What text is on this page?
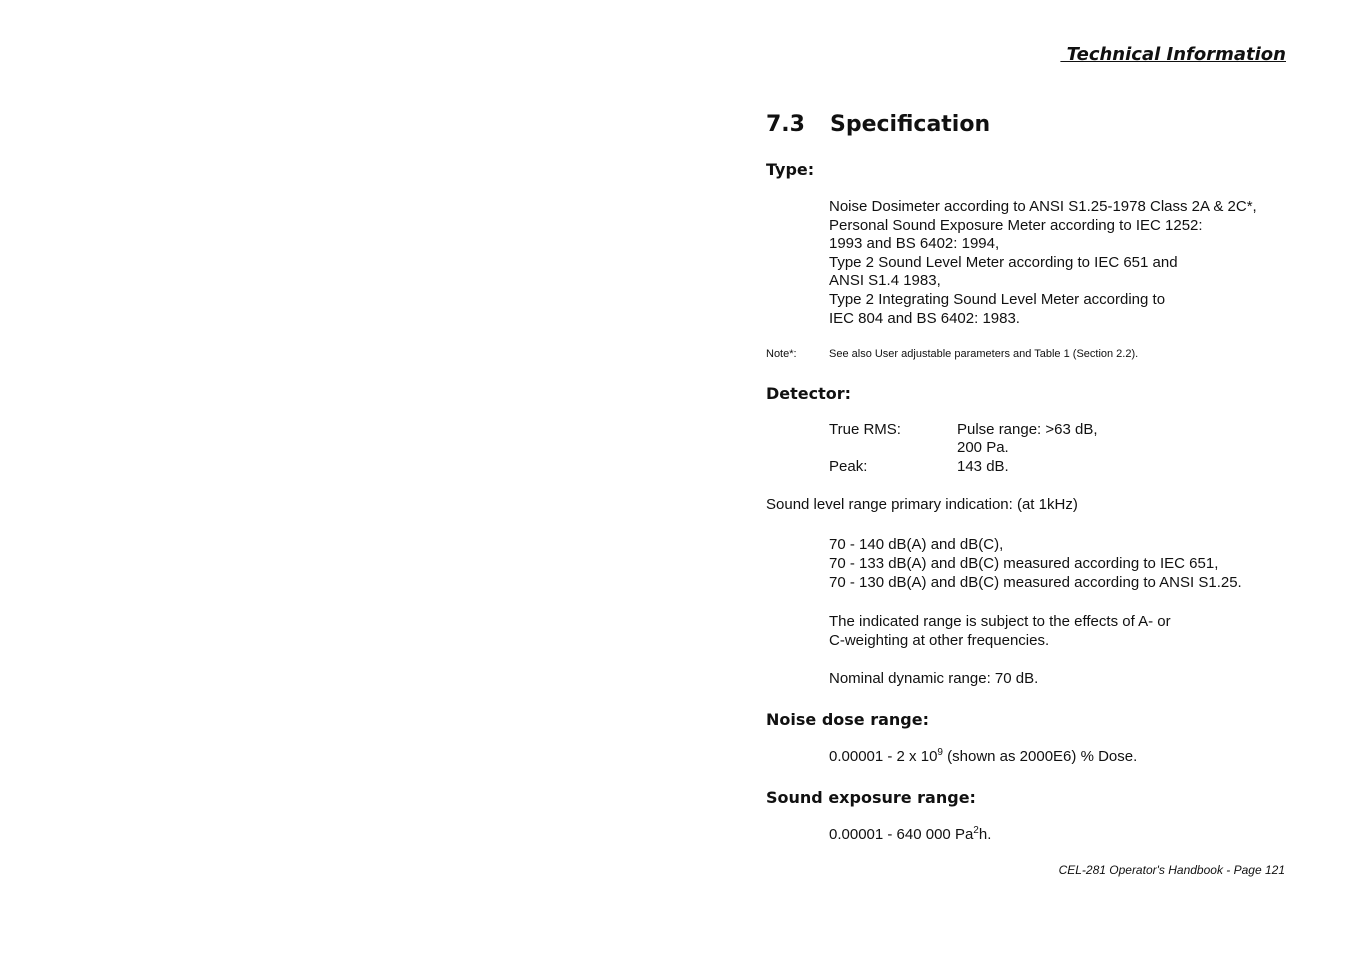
Technical Information
7.3 Specification
Type:
Noise Dosimeter according to ANSI S1.25-1978 Class 2A & 2C*,
Personal Sound Exposure Meter according to IEC 1252:
1993 and BS 6402: 1994,
Type 2 Sound Level Meter according to IEC 651 and
ANSI S1.4 1983,
Type 2 Integrating Sound Level Meter according to
IEC 804 and BS 6402: 1983.
Note*:	See also User adjustable parameters and Table 1 (Section 2.2).
Detector:
True RMS:	Pulse range: >63 dB,
200 Pa.
Peak:	143 dB.
Sound level range primary indication: (at 1kHz)
70 - 140 dB(A) and dB(C),
70 - 133 dB(A) and dB(C) measured according to IEC 651,
70 - 130 dB(A) and dB(C) measured according to ANSI S1.25.
The indicated range is subject to the effects of A- or
C-weighting at other frequencies.
Nominal dynamic range: 70 dB.
Noise dose range:
0.00001 - 2 x $10^9$ (shown as 2000E6) % Dose.
Sound exposure range:
0.00001 - 640 000 Pa$^2$h.
CEL-281 Operator's Handbook - Page 121
